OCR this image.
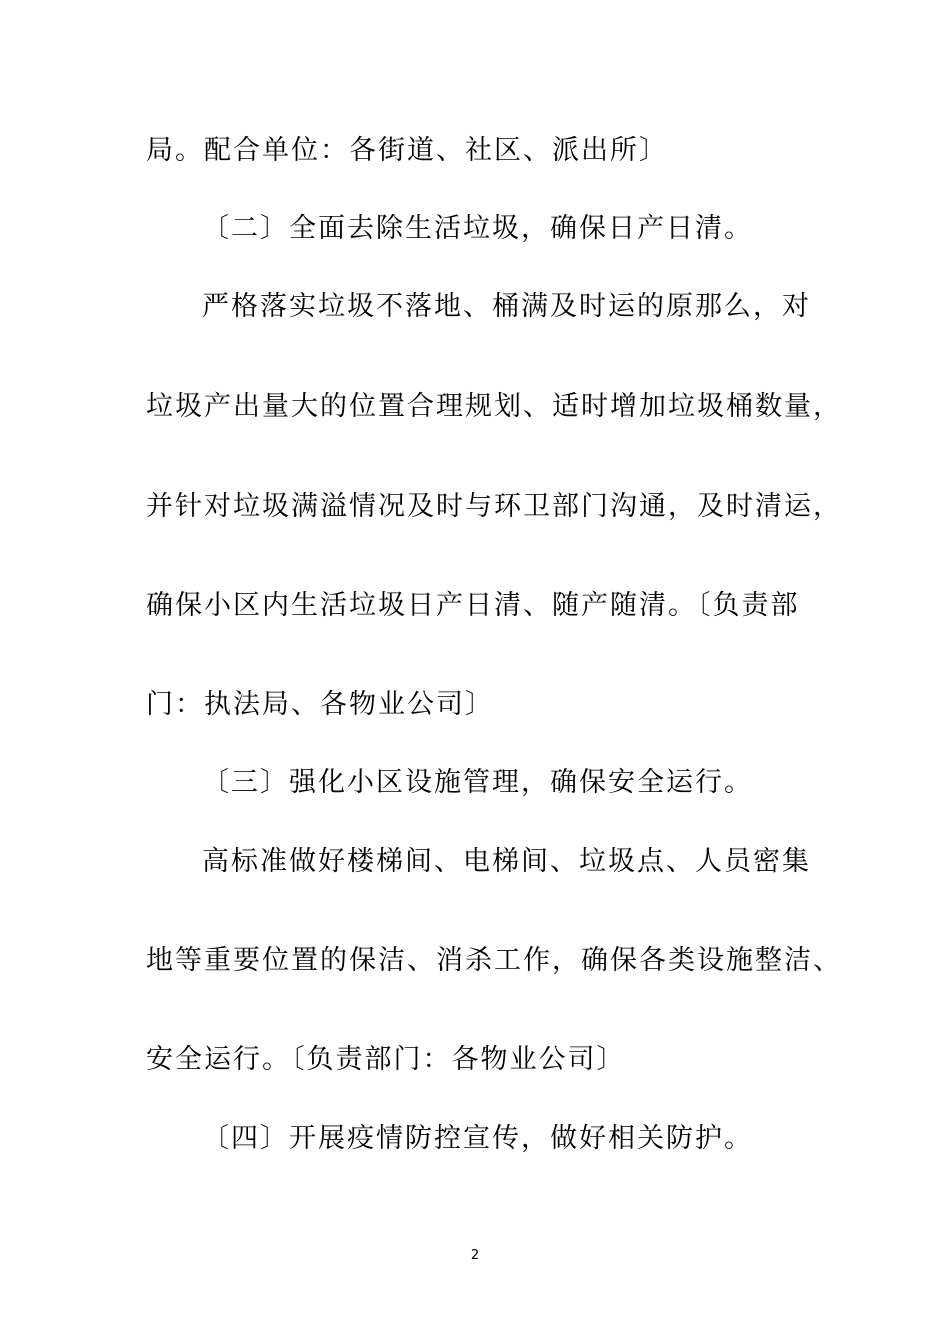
局。配合单位：各街道、社区、派出所〕
〔二〕全面去除生活垃圾，确保日产日清。
严格落实垃圾不落地、桶满及时运的原那么，对
垃圾产出量大的位置合理规划、适时增加垃圾桶数量，
并针对垃圾满溢情况及时与环卫部门沟通，及时清运，
确保小区内生活垃圾日产日清、随产随清。〔负责部
门：执法局、各物业公司〕
〔三〕强化小区设施管理，确保安全运行。
高标准做好楼梯间、电梯间、垃圾点、人员密集
地等重要位置的保洁、消杀工作，确保各类设施整洁、
安全运行。〔负责部门：各物业公司〕
〔四〕开展疫情防控宣传，做好相关防护。
2
